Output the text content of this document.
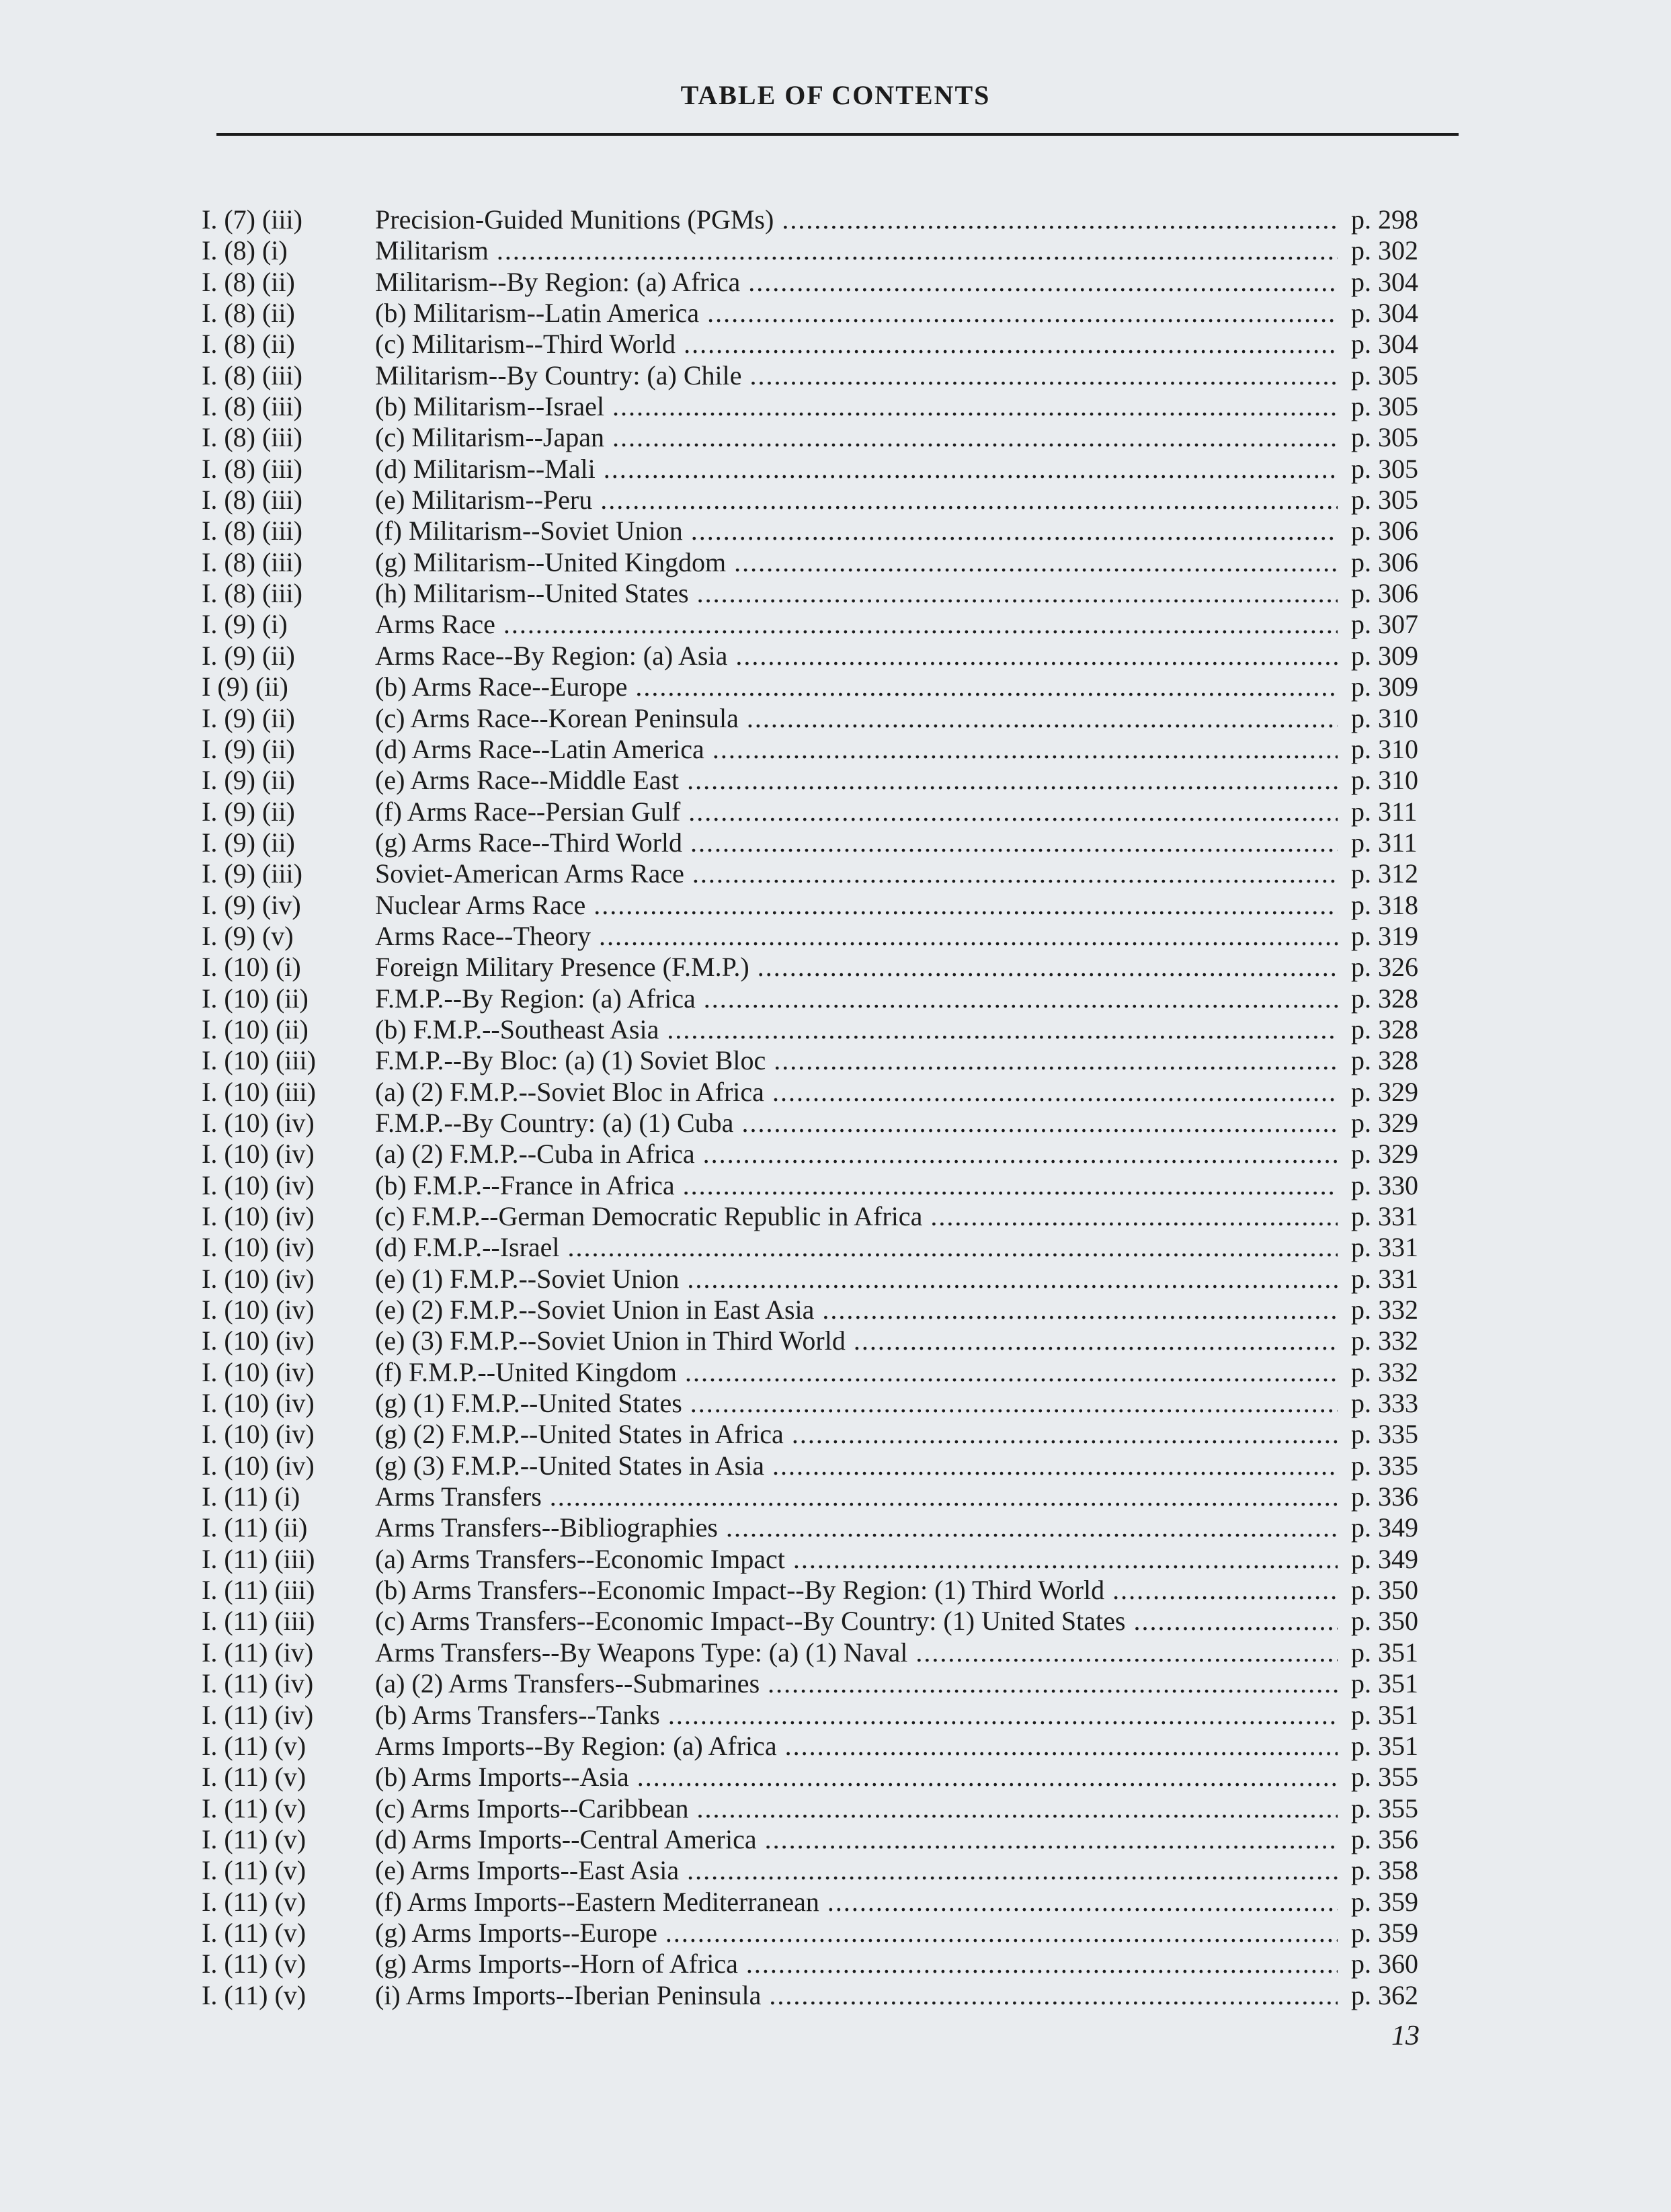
TABLE OF CONTENTS
I. (7) (iii)	Precision-Guided Munitions (PGMs) .....	p. 298
I. (8) (i)	Militarism .....	p. 302
I. (8) (ii)	Militarism--By Region: (a) Africa .....	p. 304
I. (8) (ii)	(b) Militarism--Latin America .....	p. 304
I. (8) (ii)	(c) Militarism--Third World .....	p. 304
I. (8) (iii)	Militarism--By Country: (a) Chile .....	p. 305
I. (8) (iii)	(b) Militarism--Israel .....	p. 305
I. (8) (iii)	(c) Militarism--Japan .....	p. 305
I. (8) (iii)	(d) Militarism--Mali .....	p. 305
I. (8) (iii)	(e) Militarism--Peru .....	p. 305
I. (8) (iii)	(f) Militarism--Soviet Union .....	p. 306
I. (8) (iii)	(g) Militarism--United Kingdom .....	p. 306
I. (8) (iii)	(h) Militarism--United States .....	p. 306
I. (9) (i)	Arms Race .....	p. 307
I. (9) (ii)	Arms Race--By Region: (a) Asia .....	p. 309
I (9) (ii)	(b) Arms Race--Europe .....	p. 309
I. (9) (ii)	(c) Arms Race--Korean Peninsula .....	p. 310
I. (9) (ii)	(d) Arms Race--Latin America .....	p. 310
I. (9) (ii)	(e) Arms Race--Middle East .....	p. 310
I. (9) (ii)	(f) Arms Race--Persian Gulf .....	p. 311
I. (9) (ii)	(g) Arms Race--Third World .....	p. 311
I. (9) (iii)	Soviet-American Arms Race .....	p. 312
I. (9) (iv)	Nuclear Arms Race .....	p. 318
I. (9) (v)	Arms Race--Theory .....	p. 319
I. (10) (i)	Foreign Military Presence (F.M.P.) .....	p. 326
I. (10) (ii)	F.M.P.--By Region: (a) Africa .....	p. 328
I. (10) (ii)	(b) F.M.P.--Southeast Asia .....	p. 328
I. (10) (iii)	F.M.P.--By Bloc: (a) (1) Soviet Bloc .....	p. 328
I. (10) (iii)	(a) (2) F.M.P.--Soviet Bloc in Africa .....	p. 329
I. (10) (iv)	F.M.P.--By Country: (a) (1) Cuba .....	p. 329
I. (10) (iv)	(a) (2) F.M.P.--Cuba in Africa .....	p. 329
I. (10) (iv)	(b) F.M.P.--France in Africa .....	p. 330
I. (10) (iv)	(c) F.M.P.--German Democratic Republic in Africa .....	p. 331
I. (10) (iv)	(d) F.M.P.--Israel .....	p. 331
I. (10) (iv)	(e) (1) F.M.P.--Soviet Union .....	p. 331
I. (10) (iv)	(e) (2) F.M.P.--Soviet Union in East Asia .....	p. 332
I. (10) (iv)	(e) (3) F.M.P.--Soviet Union in Third World .....	p. 332
I. (10) (iv)	(f) F.M.P.--United Kingdom .....	p. 332
I. (10) (iv)	(g) (1) F.M.P.--United States .....	p. 333
I. (10) (iv)	(g) (2) F.M.P.--United States in Africa .....	p. 335
I. (10) (iv)	(g) (3) F.M.P.--United States in Asia .....	p. 335
I. (11) (i)	Arms Transfers .....	p. 336
I. (11) (ii)	Arms Transfers--Bibliographies .....	p. 349
I. (11) (iii)	(a) Arms Transfers--Economic Impact .....	p. 349
I. (11) (iii)	(b) Arms Transfers--Economic Impact--By Region: (1) Third World .....	p. 350
I. (11) (iii)	(c) Arms Transfers--Economic Impact--By Country: (1) United States .....	p. 350
I. (11) (iv)	Arms Transfers--By Weapons Type: (a) (1) Naval .....	p. 351
I. (11) (iv)	(a) (2) Arms Transfers--Submarines .....	p. 351
I. (11) (iv)	(b) Arms Transfers--Tanks .....	p. 351
I. (11) (v)	Arms Imports--By Region: (a) Africa .....	p. 351
I. (11) (v)	(b) Arms Imports--Asia .....	p. 355
I. (11) (v)	(c) Arms Imports--Caribbean .....	p. 355
I. (11) (v)	(d) Arms Imports--Central America .....	p. 356
I. (11) (v)	(e) Arms Imports--East Asia .....	p. 358
I. (11) (v)	(f) Arms Imports--Eastern Mediterranean .....	p. 359
I. (11) (v)	(g) Arms Imports--Europe .....	p. 359
I. (11) (v)	(g) Arms Imports--Horn of Africa .....	p. 360
I. (11) (v)	(i) Arms Imports--Iberian Peninsula .....	p. 362
13
